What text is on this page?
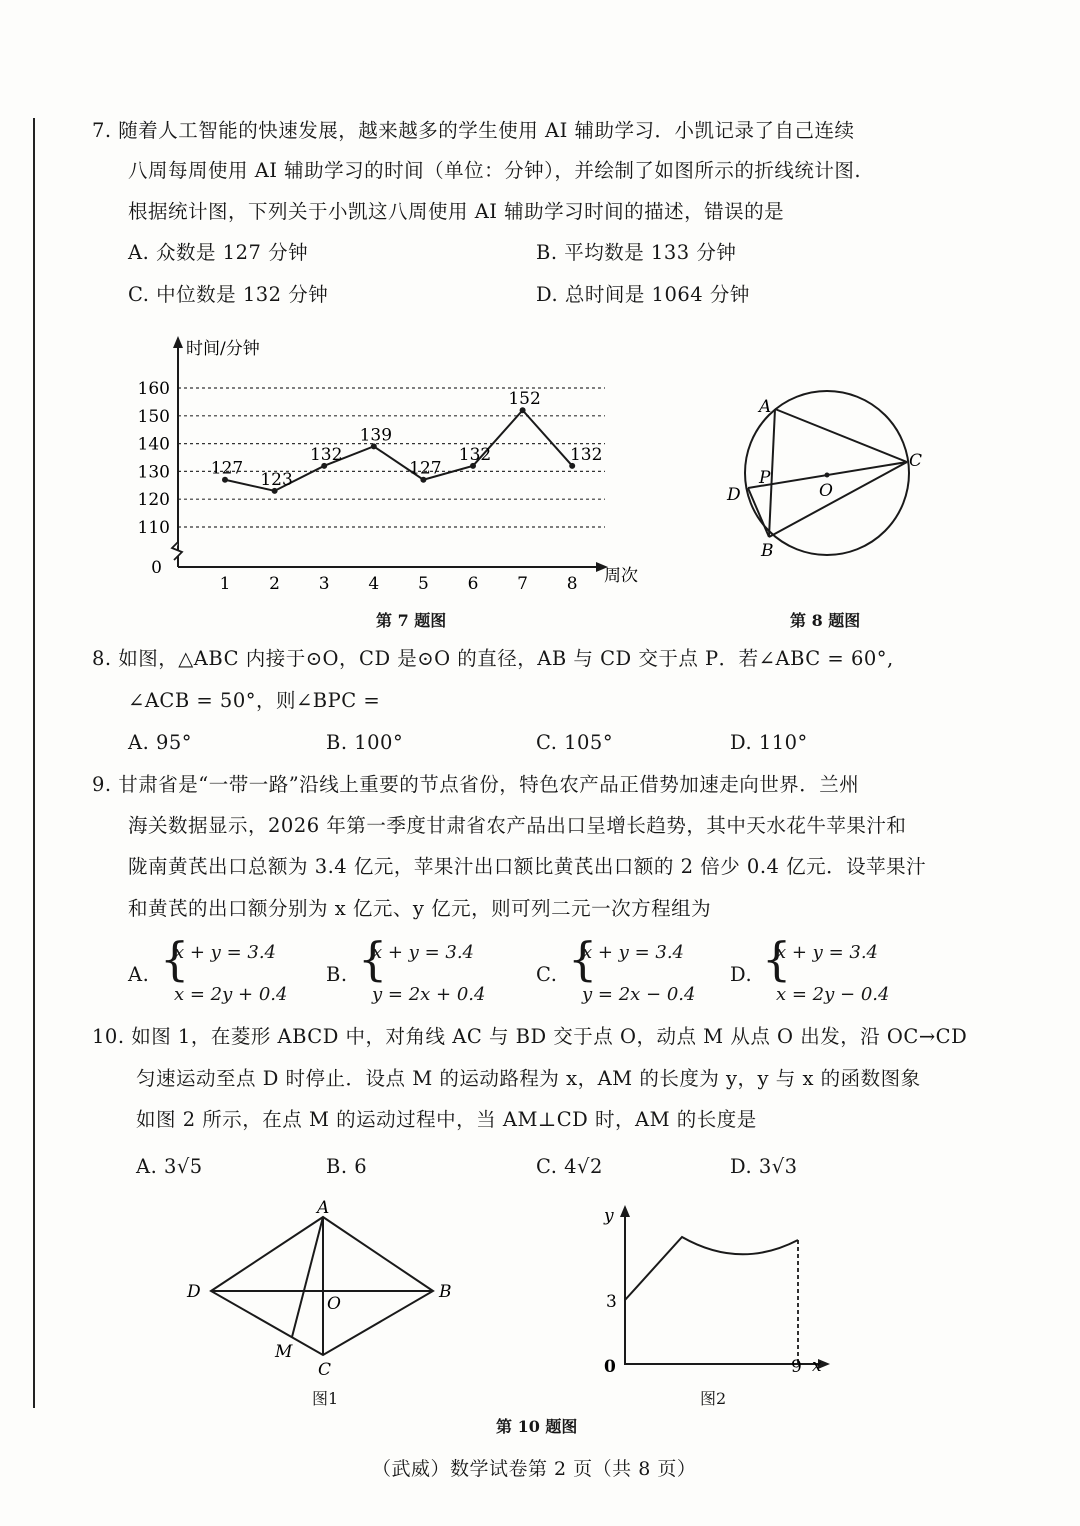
7. 随着人工智能的快速发展，越来越多的学生使用 AI 辅助学习．小凯记录了自己连续
八周每周使用 AI 辅助学习的时间（单位：分钟），并绘制了如图所示的折线统计图.
根据统计图，下列关于小凯这八周使用 AI 辅助学习时间的描述，错误的是
A. 众数是 127 分钟	B. 平均数是 133 分钟
C. 中位数是 132 分钟	D. 总时间是 1064 分钟
110
120
130
140
150
160
0
1 2 3 4 5 6 7 8
时间/分钟
周次
127
123
132
139
127
132
152
132
第 7 题图
A
C
D
P
O
B
第 8 题图
8. 如图，△ABC 内接于⊙O，CD 是⊙O 的直径，AB 与 CD 交于点 P．若∠ABC = 60°,
∠ACB = 50°，则∠BPC =
A. 95°	B. 100°	C. 105°	D. 110°
9. 甘肃省是“一带一路”沿线上重要的节点省份，特色农产品正借势加速走向世界．兰州
海关数据显示，2026 年第一季度甘肃省农产品出口呈增长趋势，其中天水花牛苹果汁和
陇南黄芪出口总额为 3.4 亿元，苹果汁出口额比黄芪出口额的 2 倍少 0.4 亿元．设苹果汁
和黄芪的出口额分别为 x 亿元、y 亿元，则可列二元一次方程组为
A. {
x + y = 3.4
x = 2y + 0.4
B. {
x + y = 3.4
y = 2x + 0.4
C. {
x + y = 3.4
y = 2x − 0.4
D. {
x + y = 3.4
x = 2y − 0.4
10. 如图 1，在菱形 ABCD 中，对角线 AC 与 BD 交于点 O，动点 M 从点 O 出发，沿 OC→CD
匀速运动至点 D 时停止．设点 M 的运动路程为 x，AM 的长度为 y，y 与 x 的函数图象
如图 2 所示，在点 M 的运动过程中，当 AM⊥CD 时，AM 的长度是
A. 3√5	B. 6	C. 4√2	D. 3√3
A
B
D
O
C
M
图1
y
3
0	9 x
图2
第 10 题图
（武威）数学试卷第 2 页（共 8 页）
